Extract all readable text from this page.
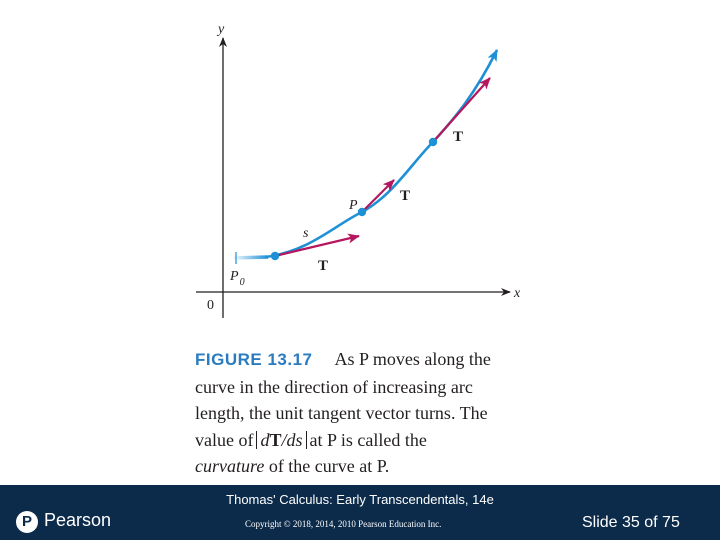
y
x
0
$P_0$
P
s
T
T
T
FIGURE 13.17 As P moves along the
curve in the direction of increasing arc
length, the unit tangent vector turns. The
value of dT/ds at P is called the
curvature of the curve at P.
P Pearson
Thomas' Calculus: Early Transcendentals, 14e
Copyright © 2018, 2014, 2010 Pearson Education Inc.	Slide 35 of 75
